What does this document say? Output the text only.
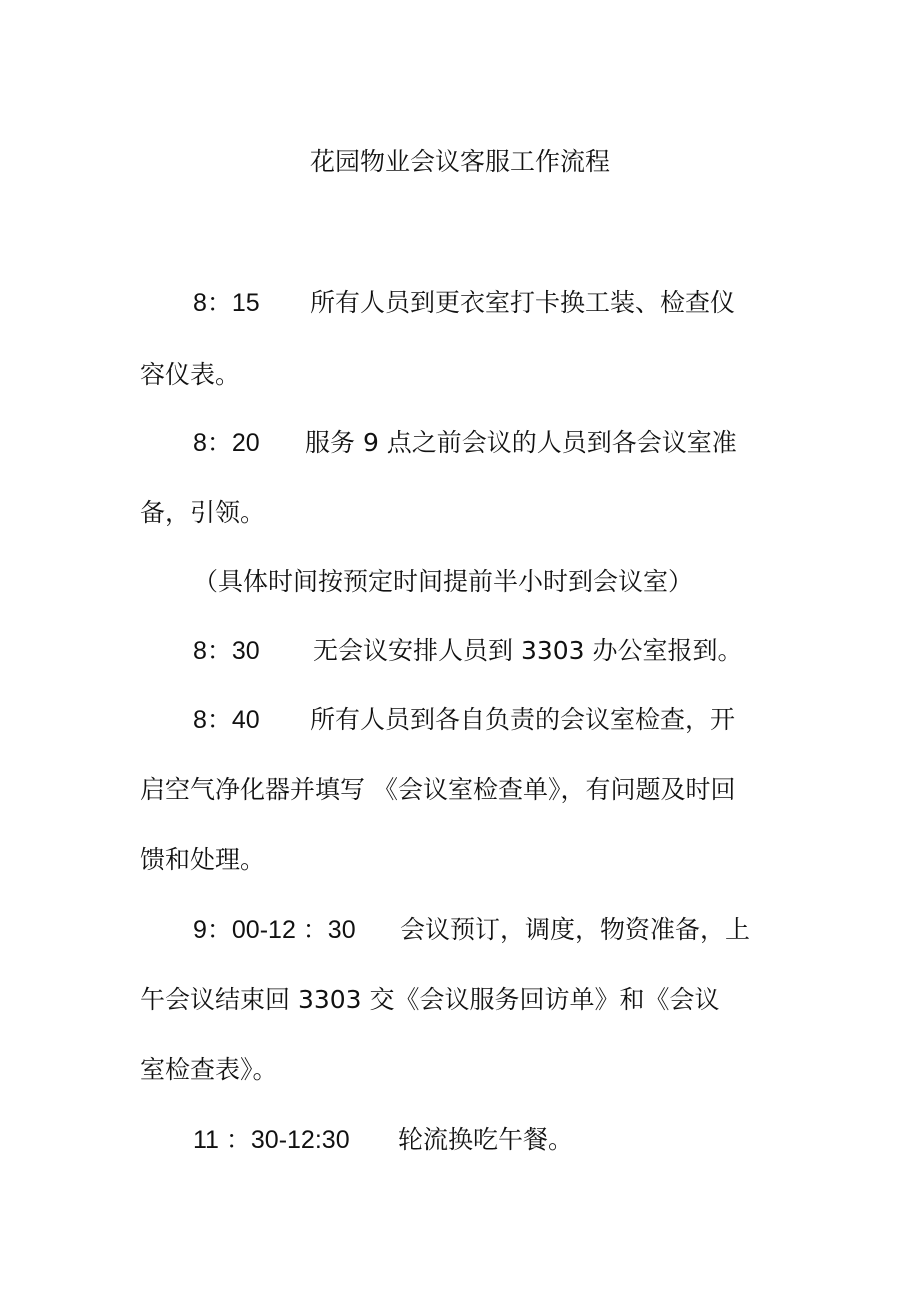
花园物业会议客服工作流程
8：15 所有人员到更衣室打卡换工装、检查仪
容仪表。
8：20 服务 9 点之前会议的人员到各会议室准
备，引领。
（具体时间按预定时间提前半小时到会议室）
8：30 无会议安排人员到 3303 办公室报到。
8：40 所有人员到各自负责的会议室检查，开
启空气净化器并填写 《会议室检查单》，有问题及时回
馈和处理。
9：00-12 ：30 会议预订，调度，物资准备，上
午会议结束回 3303 交《会议服务回访单》和《会议
室检查表》。
11 ：30-12:30 轮流换吃午餐。
